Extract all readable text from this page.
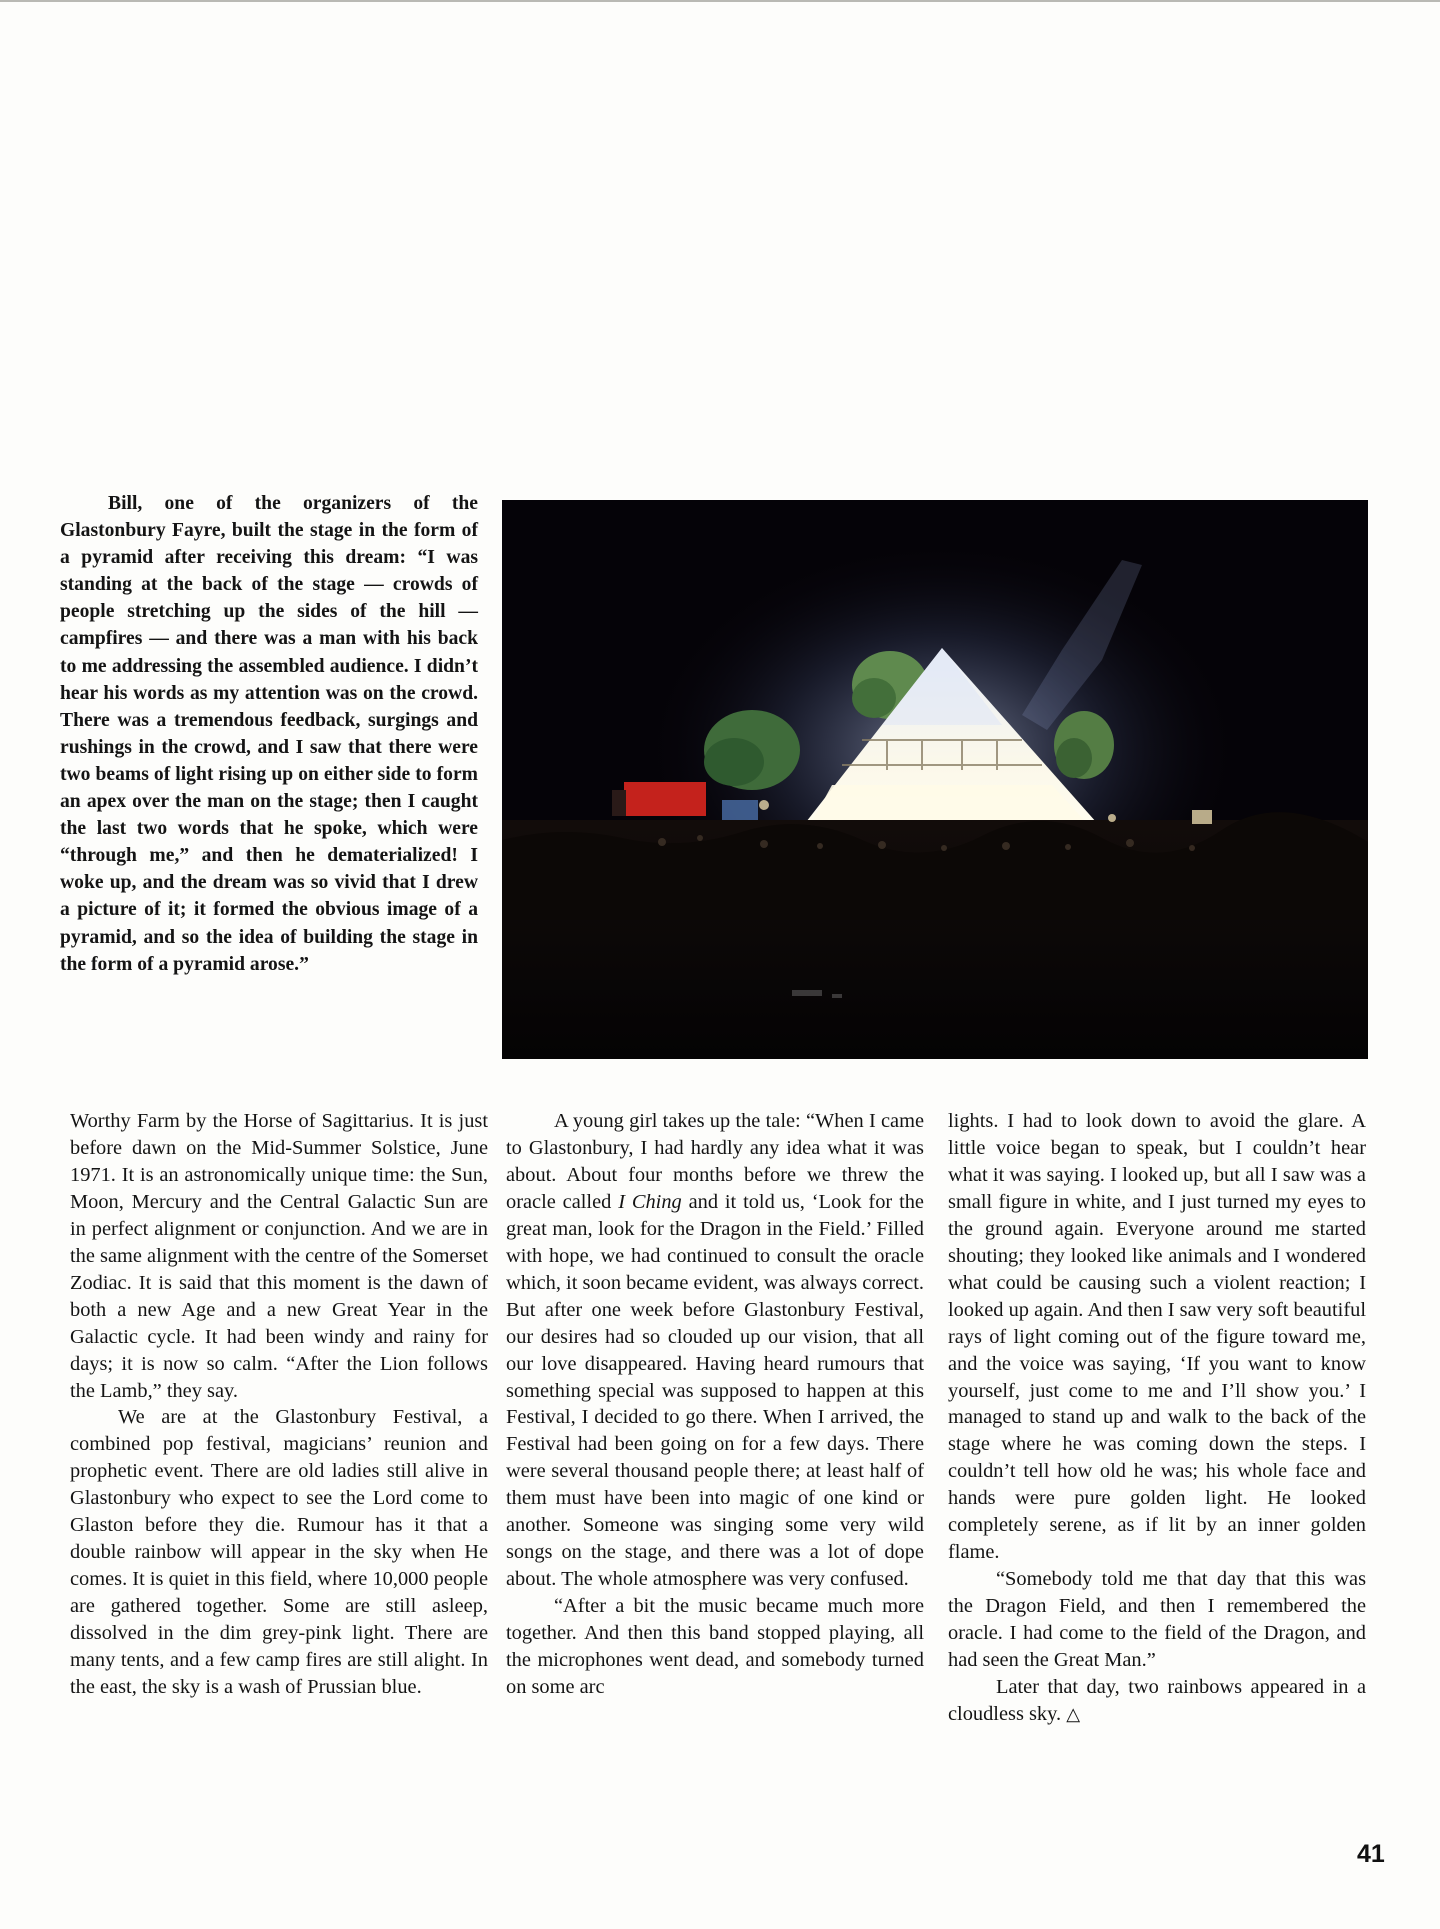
Bill, one of the organizers of the Glastonbury Fayre, built the stage in the form of a pyramid after receiving this dream: “I was standing at the back of the stage — crowds of people stretching up the sides of the hill — campfires — and there was a man with his back to me addressing the assembled audience. I didn’t hear his words as my attention was on the crowd. There was a tremendous feedback, surgings and rushings in the crowd, and I saw that there were two beams of light rising up on either side to form an apex over the man on the stage; then I caught the last two words that he spoke, which were “through me,” and then he dematerialized! I woke up, and the dream was so vivid that I drew a picture of it; it formed the obvious image of a pyramid, and so the idea of building the stage in the form of a pyramid arose.”

Worthy Farm by the Horse of Sagittarius. It is just before dawn on the Mid-Summer Solstice, June 1971. It is an astronomically unique time: the Sun, Moon, Mercury and the Central Galactic Sun are in perfect alignment or conjunction. And we are in the same alignment with the centre of the Somerset Zodiac. It is said that this moment is the dawn of both a new Age and a new Great Year in the Galactic cycle. It had been windy and rainy for days; it is now so calm. “After the Lion follows the Lamb,” they say.

We are at the Glastonbury Festival, a combined pop festival, magicians’ reunion and prophetic event. There are old ladies still alive in Glastonbury who expect to see the Lord come to Glaston before they die. Rumour has it that a double rainbow will appear in the sky when He comes. It is quiet in this field, where 10,000 people are gathered together. Some are still asleep, dissolved in the dim grey-pink light. There are many tents, and a few camp fires are still alight. In the east, the sky is a wash of Prussian blue.

A young girl takes up the tale: “When I came to Glastonbury, I had hardly any idea what it was about. About four months before we threw the oracle called I Ching and it told us, ‘Look for the great man, look for the Dragon in the Field.’ Filled with hope, we had continued to consult the oracle which, it soon became evident, was always correct. But after one week before Glastonbury Festival, our desires had so clouded up our vision, that all our love disappeared. Having heard rumours that something special was supposed to happen at this Festival, I decided to go there. When I arrived, the Festival had been going on for a few days. There were several thousand people there; at least half of them must have been into magic of one kind or another. Someone was singing some very wild songs on the stage, and there was a lot of dope about. The whole atmosphere was very confused.

“After a bit the music became much more together. And then this band stopped playing, all the microphones went dead, and somebody turned on some arc

lights. I had to look down to avoid the glare. A little voice began to speak, but I couldn’t hear what it was saying. I looked up, but all I saw was a small figure in white, and I just turned my eyes to the ground again. Everyone around me started shouting; they looked like animals and I wondered what could be causing such a violent reaction; I looked up again. And then I saw very soft beautiful rays of light coming out of the figure toward me, and the voice was saying, ‘If you want to know yourself, just come to me and I’ll show you.’ I managed to stand up and walk to the back of the stage where he was coming down the steps. I couldn’t tell how old he was; his whole face and hands were pure golden light. He looked completely serene, as if lit by an inner golden flame.

“Somebody told me that day that this was the Dragon Field, and then I remembered the oracle. I had come to the field of the Dragon, and had seen the Great Man.”

Later that day, two rainbows appeared in a cloudless sky. △

41
